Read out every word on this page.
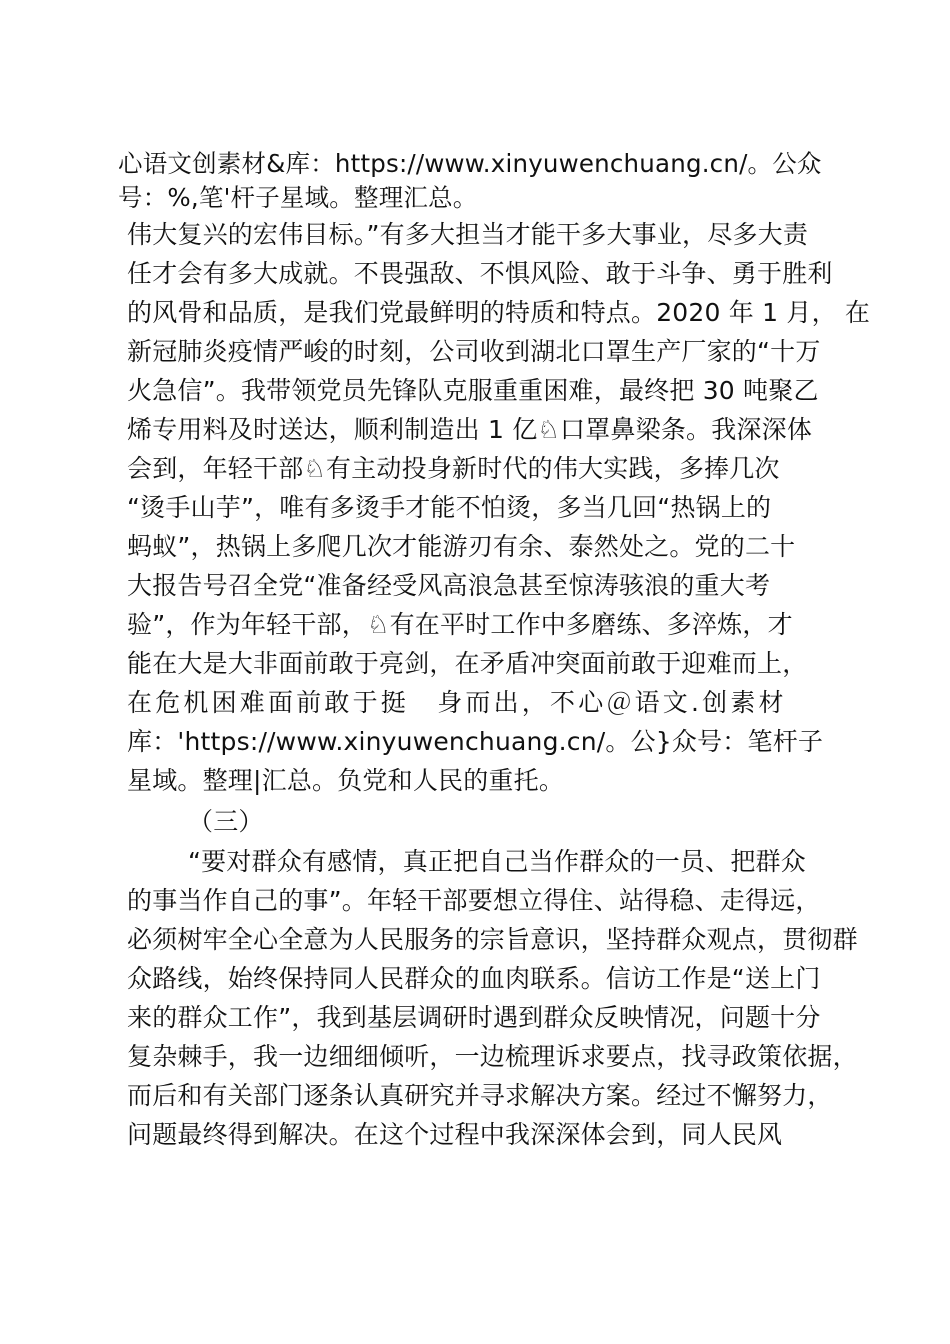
心语文创素材&库：https://www.xinyuwenchuang.cn/。公众
号：%,笔'杆子星域。整理汇总。
伟大复兴的宏伟目标。”有多大担当才能干多大事业，尽多大责
任才会有多大成就。不畏强敌、不惧风险、敢于斗争、勇于胜利
的风骨和品质，是我们党最鲜明的特质和特点。2020 年 1 月， 在
新冠肺炎疫情严峻的时刻，公司收到湖北口罩生产厂家的“十万
火急信”。我带领党员先锋队克服重重困难，最终把 30 吨聚乙
烯专用料及时送达，顺利制造出 1 亿♘口罩鼻梁条。我深深体
会到，年轻干部♘有主动投身新时代的伟大实践，多捧几次
“烫手山芋”，唯有多烫手才能不怕烫，多当几回“热锅上的
蚂蚁”，热锅上多爬几次才能游刃有余、泰然处之。党的二十
大报告号召全党“准备经受风高浪急甚至惊涛骇浪的重大考
验”，作为年轻干部，♘有在平时工作中多磨练、多淬炼，才
能在大是大非面前敢于亮剑，在矛盾冲突面前敢于迎难而上，
在危机困难面前敢于挺　身而出，不心＠语文.创素材
库：'https://www.xinyuwenchuang.cn/。公}众号：笔杆子
星域。整理|汇总。负党和人民的重托。
（三）
“要对群众有感情，真正把自己当作群众的一员、把群众
的事当作自己的事”。年轻干部要想立得住、站得稳、走得远，
必须树牢全心全意为人民服务的宗旨意识，坚持群众观点，贯彻群
众路线，始终保持同人民群众的血肉联系。信访工作是“送上门
来的群众工作”，我到基层调研时遇到群众反映情况，问题十分
复杂棘手，我一边细细倾听，一边梳理诉求要点，找寻政策依据，
而后和有关部门逐条认真研究并寻求解决方案。经过不懈努力，
问题最终得到解决。在这个过程中我深深体会到，同人民风
